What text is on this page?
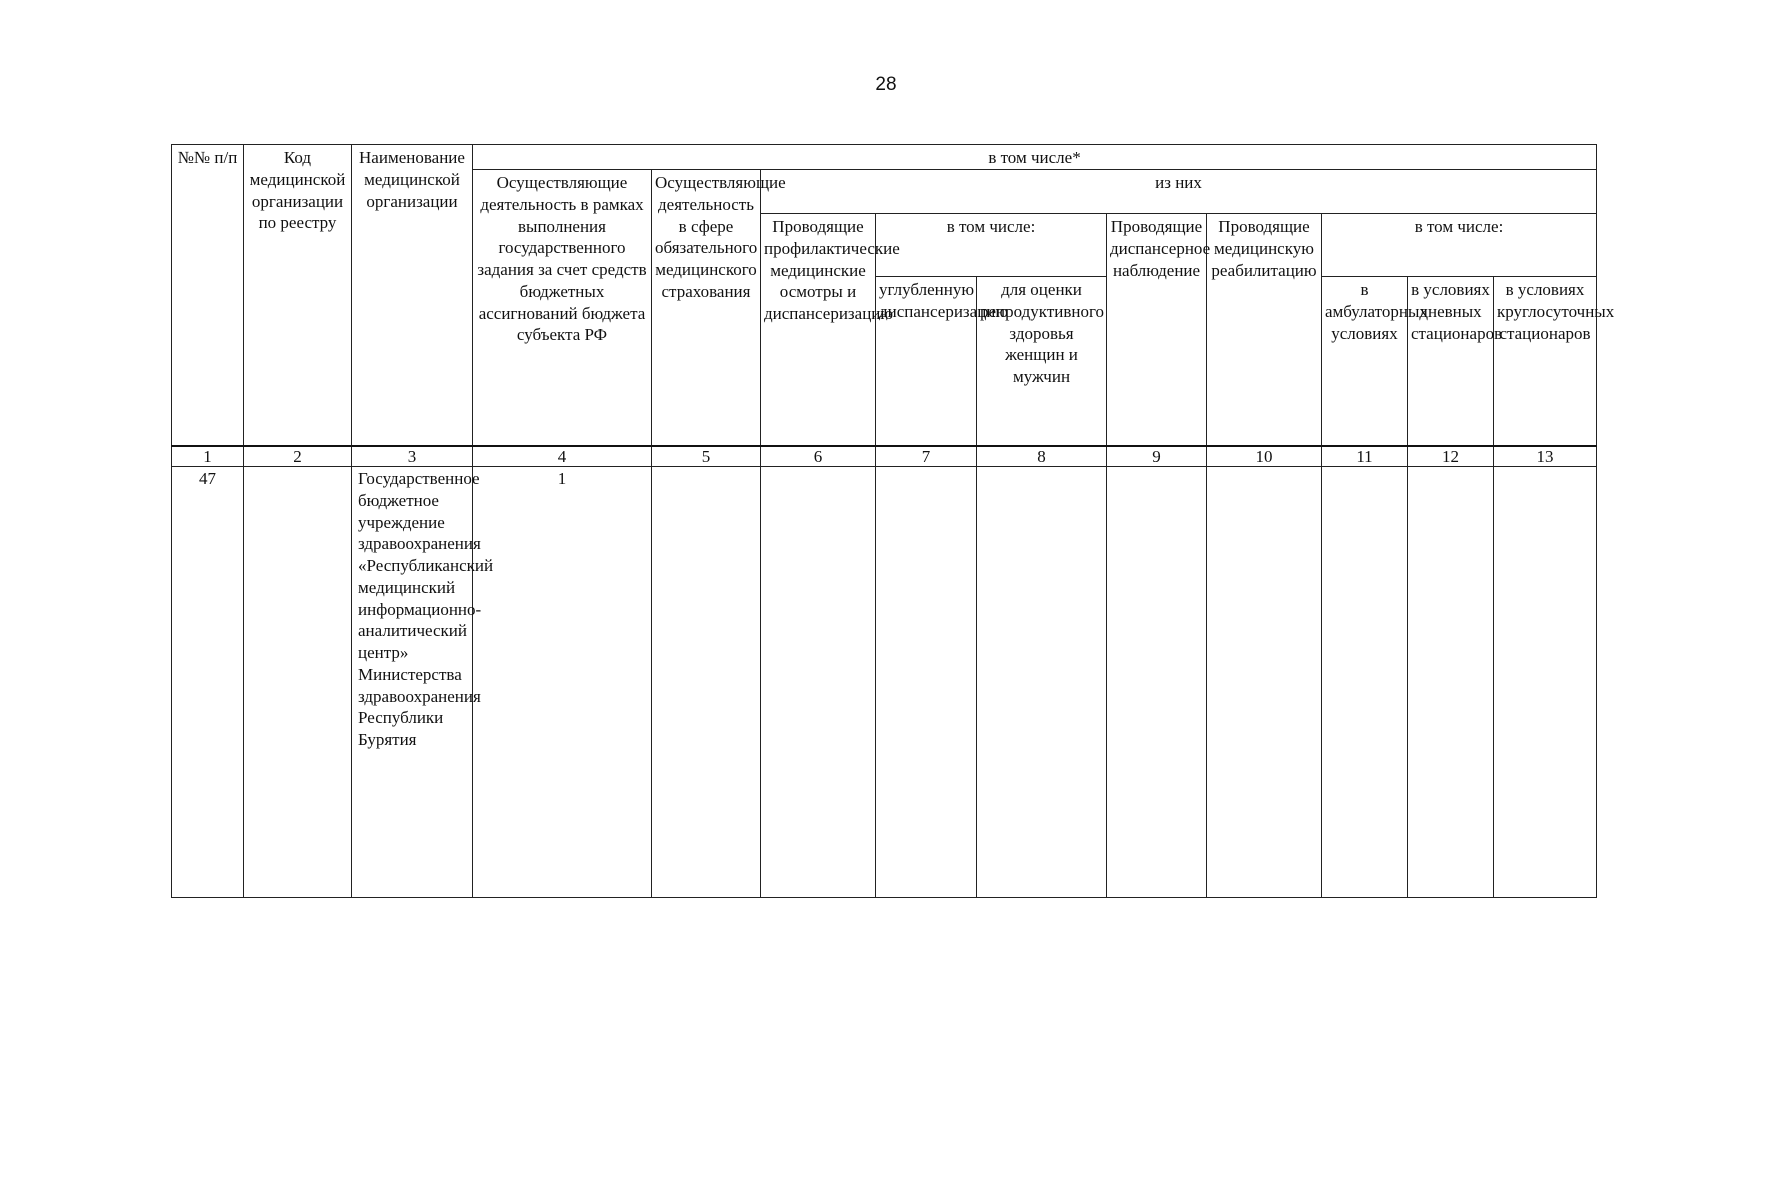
28
№№ п/п	Код медицинской организации по реестру	Наименование медицинской организации	в том числе*									
			Осуществляющие деятельность в рамках выполнения государственного задания за счет средств бюджетных ассигнований бюджета субъекта РФ	Осуществляющие деятельность в сфере обязательного медицинского страхования	из них							
					Проводящие профилактические медицинские осмотры и диспансеризацию	в том числе:		Проводящие диспансерное наблюдение	Проводящие медицинскую реабилитацию	в том числе:		
						углубленную диспансеризацию	для оценки репродуктивного здоровья женщин и мужчин			в амбулаторных условиях	в условиях дневных стационаров	в условиях круглосуточных стационаров
1	2	3	4	5	6	7	8	9	10	11	12	13
47		Государственное бюджетное учреждение здравоохранения «Республиканский медицинский информационно-аналитический центр» Министерства здравоохранения Республики Бурятия	1									
